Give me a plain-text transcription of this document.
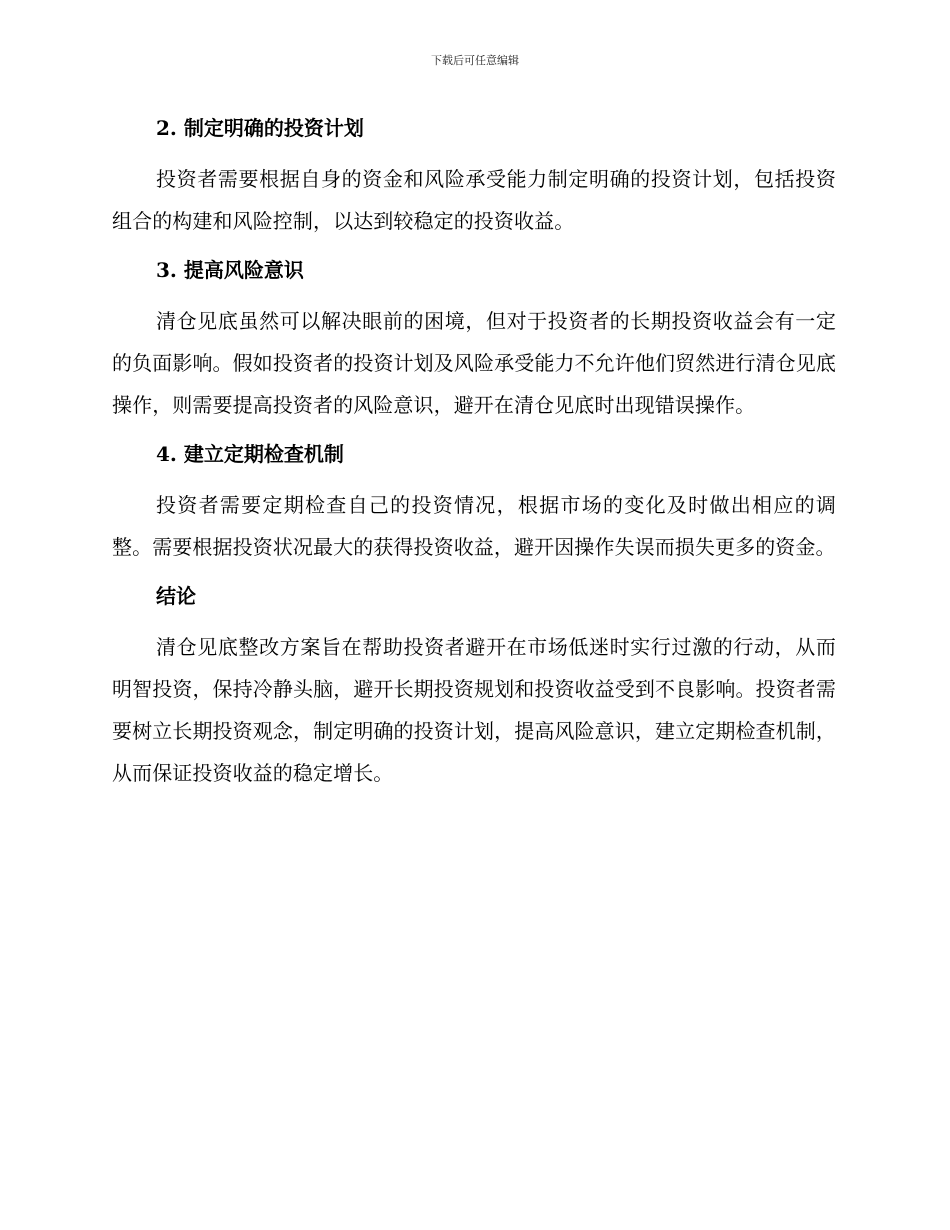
下载后可任意编辑
2. 制定明确的投资计划

投资者需要根据自身的资金和风险承受能力制定明确的投资计划，包括投资组合的构建和风险控制，以达到较稳定的投资收益。

3. 提高风险意识

清仓见底虽然可以解决眼前的困境，但对于投资者的长期投资收益会有一定的负面影响。假如投资者的投资计划及风险承受能力不允许他们贸然进行清仓见底操作，则需要提高投资者的风险意识，避开在清仓见底时出现错误操作。

4. 建立定期检查机制

投资者需要定期检查自己的投资情况，根据市场的变化及时做出相应的调整。需要根据投资状况最大的获得投资收益，避开因操作失误而损失更多的资金。

结论

清仓见底整改方案旨在帮助投资者避开在市场低迷时实行过激的行动，从而明智投资，保持冷静头脑，避开长期投资规划和投资收益受到不良影响。投资者需要树立长期投资观念，制定明确的投资计划，提高风险意识，建立定期检查机制，从而保证投资收益的稳定增长。
